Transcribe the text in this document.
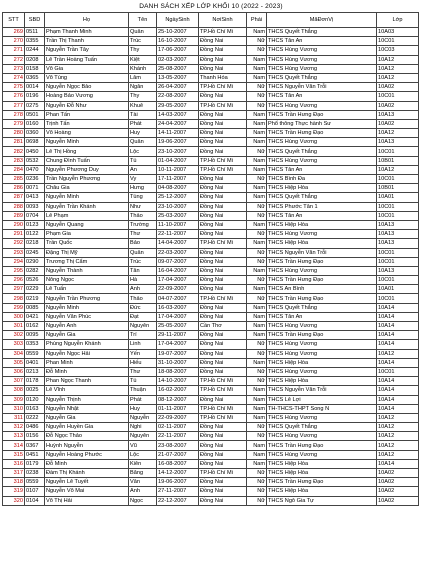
DANH SÁCH XẾP LỚP KHỐI 10 (2022 - 2023)
STT	SBD	Họ	Tên	NgàySinh	NơiSinh	Phái	MãĐơnVị	Lớp
269	0511	Phạm Thanh Minh	Quân	25-10-2007	TP.Hồ Chí Mi	Nam	THCS Quyết Thắng	10A03
270	0355	Trần Thị Thanh	Trúc	16-10-2007	Đồng Nai	Nữ	THCS Tân An	10C01
271	0244	Nguyễn Trần Tây	Thy	17-06-2007	Đồng Nai	Nữ	THCS Hùng Vương	10C03
272	0208	Lê Trần Hoàng Tuấn	Kiệt	02-03-2007	Đồng Nai	Nam	THCS Hùng Vương	10A12
273	0158	Võ Gia	Khánh	25-08-2007	Đồng Nai	Nam	THCS Hùng Vương	10A12
274	0365	Võ Tùng	Lâm	13-05-2007	Thanh Hóa	Nam	THCS Quyết Thắng	10A12
275	0014	Nguyễn Ngọc Bảo	Ngân	26-04-2007	TP.Hồ Chí Mi	Nữ	THCS Nguyễn Văn Trỗi	10A02
276	0196	Hoàng Bảo Vương	Thy	22-08-2007	Đồng Nai	Nữ	THCS Tân An	10C01
277	0275	Nguyễn Đỗ Như	Khuê	29-05-2007	TP.Hồ Chí Mi	Nữ	THCS Hùng Vương	10A02
278	0501	Phan Tấn	Tài	14-03-2007	Đồng Nai	Nam	THCS Trần Hưng Đạo	10A13
279	0160	Trịnh Tấn	Phát	24-04-2007	Đồng Nai	Nam	Phổ thông Thực hành Sư	10A02
280	0360	Võ Hoàng	Huy	14-11-2007	Đồng Nai	Nam	THCS Trần Hưng Đạo	10A12
281	0698	Nguyễn Minh	Quân	19-06-2007	Đồng Nai	Nam	THCS Hùng Vương	10A13
282	0450	Lê Thị Hồng	Lộc	23-10-2007	Đồng Nai	Nữ	THCS Quyết Thắng	10C01
283	0532	Chung Đình Tuấn	Tú	01-04-2007	TP.Hồ Chí Mi	Nam	THCS Hùng Vương	10B01
284	0470	Nguyễn Phương Duy	An	10-11-2007	TP.Hồ Chí Mi	Nam	THCS Tân An	10A12
285	0236	Trần Nguyễn Phương	Vy	17-11-2007	Đồng Nai	Nữ	THCS Bình Đa	10C01
286	0071	Châu Gia	Hưng	04-08-2007	Đồng Nai	Nam	THCS Hiệp Hòa	10B01
287	0413	Nguyễn Minh	Tùng	25-12-2007	Đồng Nai	Nam	THCS Quyết Thắng	10A01
288	0093	Nguyễn Trần Khánh	Như	23-10-2007	Đồng Nai	Nữ	THCS Phước Tân 1	10C01
289	0704	Lê Phạm	Thảo	25-03-2007	Đồng Nai	Nữ	THCS Tân An	10C01
290	0123	Nguyễn Quang	Trường	11-10-2007	Đồng Nai	Nam	THCS Hiệp Hòa	10A13
291	0122	Phạm Gia	Thư	22-11-2007	Đồng Nai	Nữ	THCS Hùng Vương	10A13
292	0218	Trần Quốc	Bảo	14-04-2007	TP.Hồ Chí Mi	Nam	THCS Hiệp Hòa	10A13
293	0245	Đặng Thị Mỹ	Quân	22-03-2007	Đồng Nai	Nữ	THCS Nguyễn Văn Trỗi	10C01
294	0290	Trương Thị Cẩm	Trúc	09-07-2007	Đồng Nai	Nữ	THCS Trần Hưng Đạo	10C01
295	0282	Nguyễn Thành	Tân	16-04-2007	Đồng Nai	Nam	THCS Hùng Vương	10A13
296	0526	Nông Ngọc	Hà	17-04-2007	Đồng Nai	Nữ	THCS Trần Hưng Đạo	10C01
297	0229	Lê Tuấn	Anh	22-09-2007	Đồng Nai	Nam	THCS An Bình	10A01
298	0219	Nguyễn Trần Phương	Thảo	04-07-2007	TP.Hồ Chí Mi	Nữ	THCS Trần Hưng Đạo	10C01
299	0085	Nguyễn Minh	Đức	16-03-2007	Đồng Nai	Nam	THCS Quyết Thắng	10A14
300	0421	Nguyễn Văn Phúc	Đạt	17-04-2007	Đồng Nai	Nam	THCS Tân An	10A14
301	0162	Nguyễn Anh	Nguyên	25-05-2007	Cần Thơ	Nam	THCS Hùng Vương	10A14
302	0095	Nguyễn Gia	Trí	29-11-2007	Đồng Nai	Nam	THCS Trần Hưng Đạo	10A14
303	0353	Phùng Nguyễn Khánh	Linh	17-04-2007	Đồng Nai	Nữ	THCS Hùng Vương	10A14
304	0559	Nguyễn Ngọc Hải	Yến	19-07-2007	Đồng Nai	Nữ	THCS Hùng Vương	10A12
305	0401	Phan Minh	Hiếu	31-10-2007	Đồng Nai	Nam	THCS Hiệp Hòa	10A14
306	0213	Đỗ Minh	Thư	18-08-2007	Đồng Nai	Nữ	THCS Hùng Vương	10C01
307	0178	Phan Ngọc Thanh	Tú	14-10-2007	TP.Hồ Chí Mi	Nữ	THCS Hiệp Hòa	10A14
308	0025	Lê Vĩnh	Thuận	16-02-2007	TP.Hồ Chí Mi	Nam	THCS Nguyễn Văn Trỗi	10A14
309	0120	Nguyễn Thịnh	Phát	08-12-2007	Đồng Nai	Nam	THCS Lê Lợi	10A14
310	0163	Nguyễn Nhật	Huy	01-11-2007	TP.Hồ Chí Mi	Nam	TH-THCS-THPT Song N	10A14
311	0222	Nguyễn Gia	Nguyễn	22-09-2007	TP.Hồ Chí Mi	Nam	THCS Hùng Vương	10A12
312	0486	Nguyễn Huyền Gia	Nghi	02-11-2007	Đồng Nai	Nữ	THCS Quyết Thắng	10A12
313	0156	Đỗ Ngọc Thảo	Nguyên	22-11-2007	Đồng Nai	Nữ	THCS Hùng Vương	10A12
314	0367	Huỳnh Nguyễn	Vũ	23-08-2007	Đồng Nai	Nam	THCS Trần Hưng Đạo	10A12
315	0451	Nguyễn Hoàng Phước	Lộc	21-07-2007	Đồng Nai	Nam	THCS Hùng Vương	10A12
316	0179	Đỗ Minh	Kiên	16-08-2007	Đồng Nai	Nam	THCS Hiệp Hòa	10A14
317	0238	Đàm Thị Khánh	Băng	14-12-2007	TP.Hồ Chí Mi	Nữ	THCS Hiệp Hòa	10A02
318	0559	Nguyễn Lê Tuyết	Vân	19-06-2007	Đồng Nai	Nữ	THCS Trần Hưng Đạo	10A02
319	0107	Nguyễn Võ Mai	Anh	27-11-2007	Đồng Nai	Nữ	THCS Hiệp Hòa	10A02
320	0104	Võ Thị Hải	Ngọc	22-12-2007	Đồng Nai	Nữ	THCS Ngô Gia Tự	10A02
